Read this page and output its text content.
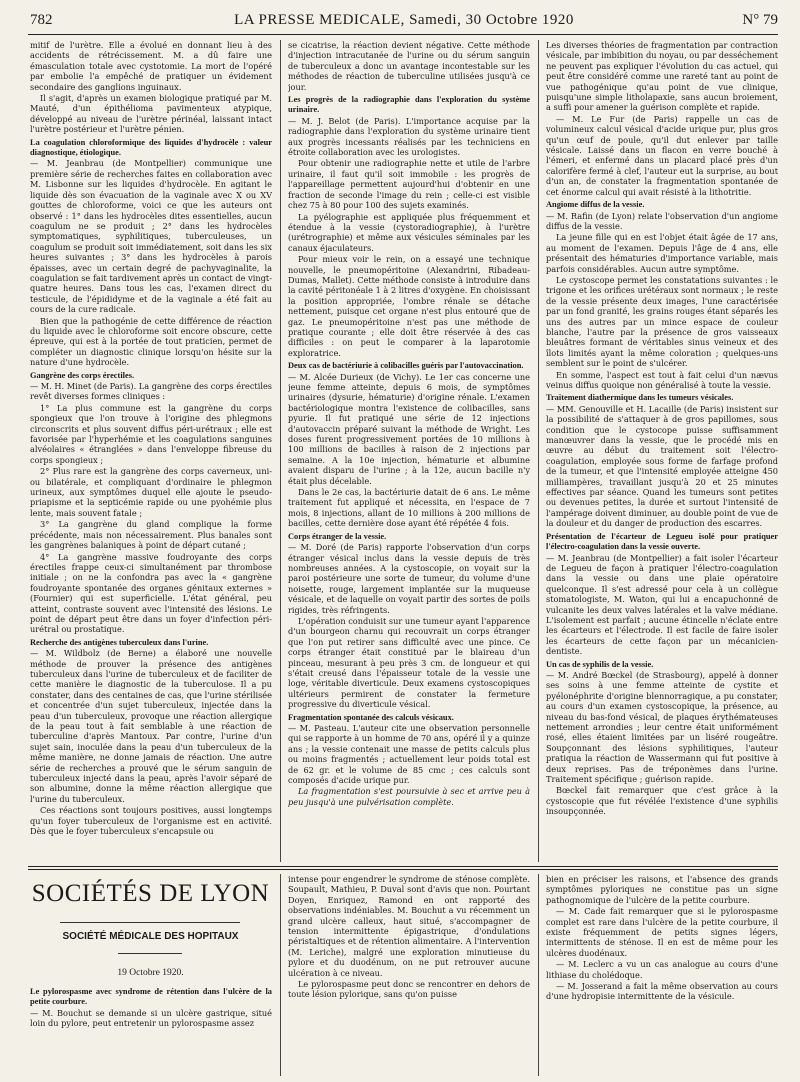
782	LA PRESSE MEDICALE, Samedi, 30 Octobre 1920	N° 79

mitif de l'urètre. Elle a évolué en donnant lieu à des accidents de rétrécissement. M. a dû faire une émasculation totale avec cystotomie. La mort de l'opéré par embolie l'a empêché de pratiquer un évidement secondaire des ganglions inguinaux.

Il s'agit, d'après un examen biologique pratiqué par M. Mauté, d'un épithélioma pavimenteux atypique, développé au niveau de l'urètre périnéal, laissant intact l'urètre postérieur et l'urètre pénien.

La coagulation chloroformique des liquides d'hydrocèle : valeur diagnostique, étiologique.

— M. Jeanbrau (de Montpellier) communique une première série de recherches faites en collaboration avec M. Lisbonne sur les liquides d'hydrocèle. En agitant le liquide dès son évacuation de la vaginale avec X ou XV gouttes de chloroforme, voici ce que les auteurs ont observé : 1° dans les hydrocèles dites essentielles, aucun coagulum ne se produit ; 2° dans les hydrocèles symptomatiques, syphilitiques, tuberculeuses, un coagulum se produit soit immédiatement, soit dans les six heures suivantes ; 3° dans les hydrocèles à parois épaisses, avec un certain degré de pachyvaginalite, la coagulation se fait tardivement après un contact de vingt-quatre heures. Dans tous les cas, l'examen direct du testicule, de l'épididyme et de la vaginale a été fait au cours de la cure radicale.

Bien que la pathogénie de cette différence de réaction du liquide avec le chloroforme soit encore obscure, cette épreuve, qui est à la portée de tout praticien, permet de compléter un diagnostic clinique lorsqu'on hésite sur la nature d'une hydrocèle.

Gangrène des corps érectiles.

— M. H. Minet (de Paris). La gangrène des corps érectiles revêt diverses formes cliniques :

1° La plus commune est la gangrène du corps spongieux que l'on trouve à l'origine des phlegmons circonscrits et plus souvent diffus péri-urétraux ; elle est favorisée par l'hyperhémie et les coagulations sanguines alvéolaires « étranglées » dans l'enveloppe fibreuse du corps spongieux ;

2° Plus rare est la gangrène des corps caverneux, uni- ou bilatérale, et compliquant d'ordinaire le phlegmon urineux, aux symptômes duquel elle ajoute le pseudo-priapisme et la septicémie rapide ou une pyohémie plus lente, mais souvent fatale ;

3° La gangrène du gland complique la forme précédente, mais non nécessairement. Plus banales sont les gangrènes balaniques à point de départ cutané ;

4° La gangrène massive foudroyante des corps érectiles frappe ceux-ci simultanément par thrombose initiale ; on ne la confondra pas avec la « gangrène foudroyante spontanée des organes génitaux externes » (Fournier) qui est superficielle. L'état général, peu atteint, contraste souvent avec l'intensité des lésions. Le point de départ peut être dans un foyer d'infection péri-urétral ou prostatique.

Recherche des antigènes tuberculeux dans l'urine.

— M. Wildbolz (de Berne) a élaboré une nouvelle méthode de prouver la présence des antigènes tuberculeux dans l'urine de tuberculeux et de faciliter de cette manière le diagnostic de la tuberculose. Il a pu constater, dans des centaines de cas, que l'urine stérilisée et concentrée d'un sujet tuberculeux, injectée dans la peau d'un tuberculeux, provoque une réaction allergique de la peau tout à fait semblable à une réaction de tuberculine d'après Mantoux. Par contre, l'urine d'un sujet sain, inoculée dans la peau d'un tuberculeux de la même manière, ne donne jamais de réaction. Une autre série de recherches a prouvé que le sérum sanguin de tuberculeux injecté dans la peau, après l'avoir séparé de son albumine, donne la même réaction allergique que l'urine du tuberculeux.

Ces réactions sont toujours positives, aussi longtemps qu'un foyer tuberculeux de l'organisme est en activité. Dès que le foyer tuberculeux s'encapsule ou

se cicatrise, la réaction devient négative. Cette méthode d'injection intracutanée de l'urine ou du sérum sanguin de tuberculeux a donc un avantage incontestable sur les méthodes de réaction de tuberculine utilisées jusqu'à ce jour.

Les progrès de la radiographie dans l'exploration du système urinaire.

— M. J. Belot (de Paris). L'importance acquise par la radiographie dans l'exploration du système urinaire tient aux progrès incessants réalisés par les techniciens en étroite collaboration avec les urologistes.

Pour obtenir une radiographie nette et utile de l'arbre urinaire, il faut qu'il soit immobile : les progrès de l'appareillage permettent aujourd'hui d'obtenir en une fraction de seconde l'image du rein ; celle-ci est visible chez 75 à 80 pour 100 des sujets examinés.

La pyélographie est appliquée plus fréquemment et étendue à la vessie (cystoradiographie), à l'urètre (urétrographie) et même aux vésicules séminales par les canaux éjaculateurs.

Pour mieux voir le rein, on a essayé une technique nouvelle, le pneumopéritoine (Alexandrini, Ribadeau-Dumas, Mallet). Cette méthode consiste à introduire dans la cavité péritonéale 1 à 2 litres d'oxygène. En choisissant la position appropriée, l'ombre rénale se détache nettement, puisque cet organe n'est plus entouré que de gaz. Le pneumopéritoine n'est pas une méthode de pratique courante ; elle doit être réservée à des cas difficiles : on peut le comparer à la laparotomie exploratrice.

Deux cas de bactériurie à colibacilles guéris par l'autovaccination.

— M. Alcée Durieux (de Vichy). Le 1er cas concerne une jeune femme atteinte, depuis 6 mois, de symptômes urinaires (dysurie, hématurie) d'origine rénale. L'examen bactériologique montra l'existence de colibacilles, sans pyurie. Il fut pratiqué une série de 12 injections d'autovaccin préparé suivant la méthode de Wright. Les doses furent progressivement portées de 10 millions à 100 millions de bacilles à raison de 2 injections par semaine. A la 10e injection, hématurie et albumine avaient disparu de l'urine ; à la 12e, aucun bacille n'y était plus décelable.

Dans le 2e cas, la bactériurie datait de 6 ans. Le même traitement fut appliqué et nécessita, en l'espace de 7 mois, 8 injections, allant de 10 millions à 200 millions de bacilles, cette dernière dose ayant été répétée 4 fois.

Corps étranger de la vessie.

— M. Doré (de Paris) rapporte l'observation d'un corps étranger vésical inclus dans la vessie depuis de très nombreuses années. A la cystoscopie, on voyait sur la paroi postérieure une sorte de tumeur, du volume d'une noisette, rouge, largement implantée sur la muqueuse vésicale, et de laquelle on voyait partir des sortes de poils rigides, très réfringents.

L'opération conduisit sur une tumeur ayant l'apparence d'un bourgeon charnu qui recouvrait un corps étranger que l'on put retirer sans difficulté avec une pince. Ce corps étranger était constitué par le blaireau d'un pinceau, mesurant à peu près 3 cm. de longueur et qui s'était creusé dans l'épaisseur totale de la vessie une loge, véritable diverticule. Deux examens cystoscopiques ultérieurs permirent de constater la fermeture progressive du diverticule vésical.

Fragmentation spontanée des calculs vésicaux.

— M. Pasteau. L'auteur cite une observation personnelle qui se rapporte à un homme de 70 ans, opéré il y a quinze ans ; la vessie contenait une masse de petits calculs plus ou moins fragmentés ; actuellement leur poids total est de 62 gr. et le volume de 85 cmc ; ces calculs sont composés d'acide urique pur.

La fragmentation s'est poursuivie à sec et arrive peu à peu jusqu'à une pulvérisation complète.

Les diverses théories de fragmentation par contraction vésicale, par imbibition du noyau, ou par desséchement ne peuvent pas expliquer l'évolution du cas actuel, qui peut être considéré comme une rareté tant au point de vue pathogénique qu'au point de vue clinique, puisqu'une simple litholapaxie, sans aucun broiement, a suffi pour amener la guérison complète et rapide.

— M. Le Fur (de Paris) rappelle un cas de volumineux calcul vésical d'acide urique pur, plus gros qu'un œuf de poule, qu'il dut enlever par taille vésicale. Laissé dans un flacon en verre bouché à l'émeri, et enfermé dans un placard placé près d'un calorifère fermé à clef, l'auteur eut la surprise, au bout d'un an, de constater la fragmentation spontanée de cet énorme calcul qui avait résisté à la lithotritie.

Angiome diffus de la vessie.

— M. Rafin (de Lyon) relate l'observation d'un angiome diffus de la vessie.

La jeune fille qui en est l'objet était âgée de 17 ans, au moment de l'examen. Depuis l'âge de 4 ans, elle présentait des hématuries d'importance variable, mais parfois considérables. Aucun autre symptôme.

Le cystoscope permet les constatations suivantes : le trigone et les orifices urétéraux sont normaux ; le reste de la vessie présente deux images, l'une caractérisée par un fond granité, les grains rouges étant séparés les uns des autres par un mince espace de couleur blanche, l'autre par la présence de gros vaisseaux bleuâtres formant de véritables sinus veineux et des îlots limités ayant la même coloration ; quelques-uns semblent sur le point de s'ulcérer.

En somme, l'aspect est tout à fait celui d'un nævus veinus diffus quoique non généralisé à toute la vessie.

Traitement diathermique dans les tumeurs vésicales.

— MM. Genouville et H. Lacaille (de Paris) insistent sur la possibilité de s'attaquer à de gros papillomes, sous condition que le cystocope puisse suffisamment manœuvrer dans la vessie, que le procédé mis en œuvre au début du traitement soit l'électro-coagulation, employée sous forme de farfage profond de la tumeur, et que l'intensité employée atteigne 450 milliampères, travaillant jusqu'à 20 et 25 minutes effectives par séance. Quand les tumeurs sont petites ou devenues petites, la durée et surtout l'intensité de l'ampérage doivent diminuer, au double point de vue de la douleur et du danger de production des escarres.

Présentation de l'écarteur de Legueu isolé pour pratiquer l'électro-coagulation dans la vessie ouverte.

— M. Jeanbrau (de Montpellier) a fait isoler l'écarteur de Legueu de façon à pratiquer l'électro-coagulation dans la vessie ou dans une plaie opératoire quelconque. Il s'est adressé pour cela à un collègue stomatologiste, M. Waton, qui lui a encapuchonné de vulcanite les deux valves latérales et la valve médiane. L'isolement est parfait ; aucune étincelle n'éclate entre les écarteurs et l'électrode. Il est facile de faire isoler les écarteurs de cette façon par un mécanicien-dentiste.

Un cas de syphilis de la vessie.

— M. André Bœckel (de Strasbourg), appelé à donner ses soins à une femme atteinte de cystite et pyélonéphrite d'origine blennorragique, a pu constater, au cours d'un examen cystoscopique, la présence, au niveau du bas-fond vésical, de plaques érythémateuses nettement arrondies ; leur centre était uniformément rosé, elles étaient limitées par un liséré rougeâtre. Soupçonnant des lésions syphilitiques, l'auteur pratiqua la réaction de Wassermann qui fut positive à deux reprises. Pas de tréponèmes dans l'urine. Traitement spécifique ; guérison rapide.

Bœckel fait remarquer que c'est grâce à la cystoscopie que fut révélée l'existence d'une syphilis insoupçonnée.

SOCIÉTÉS DE LYON
SOCIÉTÉ MÉDICALE DES HOPITAUX
19 Octobre 1920.
Le pylorospasme avec syndrome de rétention dans l'ulcère de la petite courbure.

— M. Bouchut se demande si un ulcère gastrique, situé loin du pylore, peut entretenir un pylorospasme assez

intense pour engendrer le syndrome de sténose complète. Soupault, Mathieu, P. Duval sont d'avis que non. Pourtant Doyen, Enriquez, Ramond en ont rapporté des observations indéniables. M. Bouchut a vu récemment un grand ulcère calleux, haut situé, s'accompagner de tension intermittente épigastrique, d'ondulations péristaltiques et de rétention alimentaire. A l'intervention (M. Leriche), malgré une exploration minutieuse du pylore et du duodénum, on ne put retrouver aucune ulcération à ce niveau.

Le pylorospasme peut donc se rencontrer en dehors de toute lésion pylorique, sans qu'on puisse

bien en préciser les raisons, et l'absence des grands symptômes pyloriques ne constitue pas un signe pathognomique de l'ulcère de la petite courbure.

— M. Cade fait remarquer que si le pylorospasme complet est rare dans l'ulcère de la petite courbure, il existe fréquemment de petits signes légers, intermittents de sténose. Il en est de même pour les ulcères duodénaux.

— M. Leclerc a vu un cas analogue au cours d'une lithiase du cholédoque.

— M. Josserand a fait la même observation au cours d'une hydropisie intermittente de la vésicule.
